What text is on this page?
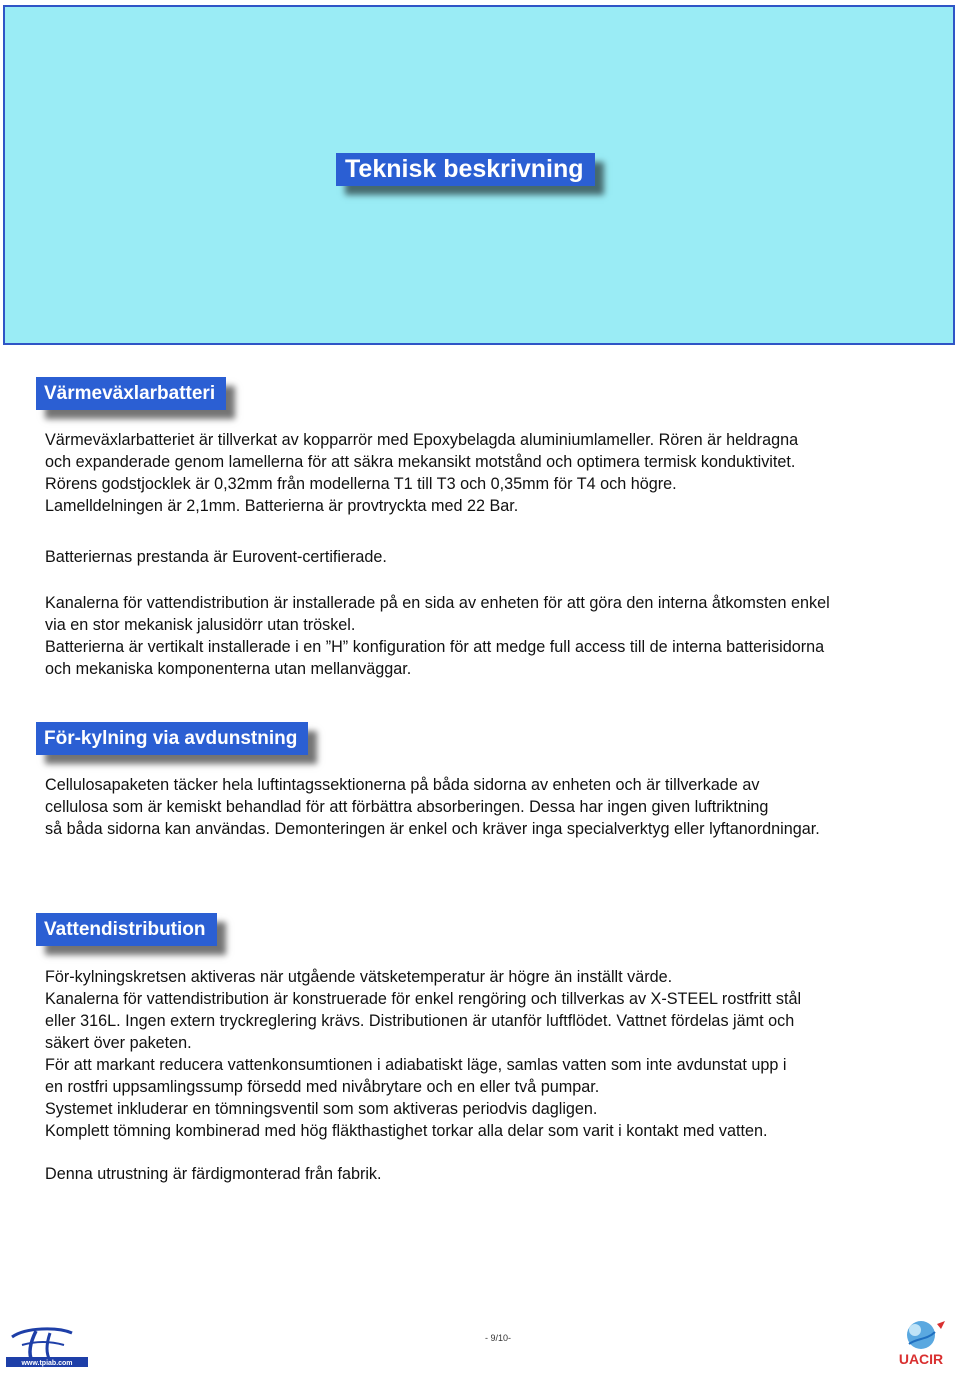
Teknisk beskrivning
Värmeväxlarbatteri
Värmeväxlarbatteriet är tillverkat av kopparrör med Epoxybelagda aluminiumlameller. Rören är heldragna
och expanderade genom lamellerna för att säkra mekansikt motstånd och optimera termisk konduktivitet.
Rörens godstjocklek är 0,32mm från modellerna T1 till T3 och 0,35mm för T4 och högre.
Lamelldelningen är 2,1mm. Batterierna är provtryckta med 22 Bar.
Batteriernas prestanda är Eurovent-certifierade.
Kanalerna för vattendistribution är installerade på en sida av enheten för att göra den interna åtkomsten enkel
via en stor mekanisk jalusidörr utan tröskel.
Batterierna är vertikalt installerade i en ”H” konfiguration för att medge full access till de interna batterisidorna
och mekaniska komponenterna utan mellanväggar.
För-kylning via avdunstning
Cellulosapaketen täcker hela luftintagssektionerna på båda sidorna av enheten och är tillverkade av
cellulosa som är kemiskt behandlad för att förbättra absorberingen. Dessa har ingen given luftriktning
så båda sidorna kan användas. Demonteringen är enkel och kräver inga specialverktyg eller lyftanordningar.
Vattendistribution
För-kylningskretsen aktiveras när utgående vätsketemperatur är högre än inställt värde.
Kanalerna för vattendistribution är konstruerade för enkel rengöring och tillverkas av X-STEEL rostfritt stål
eller 316L. Ingen extern tryckreglering krävs. Distributionen är utanför luftflödet. Vattnet fördelas jämt och
säkert över paketen.
För att markant reducera vattenkonsumtionen i adiabatiskt läge, samlas vatten som inte avdunstat upp i
en rostfri uppsamlingssump försedd med nivåbrytare och en eller två pumpar.
Systemet inkluderar en tömningsventil som som aktiveras periodvis dagligen.
Komplett tömning kombinerad med hög fläkthastighet torkar alla delar som varit i kontakt med vatten.
Denna utrustning är färdigmonterad från fabrik.
www.tpiab.com
- 9/10-
UACIR
